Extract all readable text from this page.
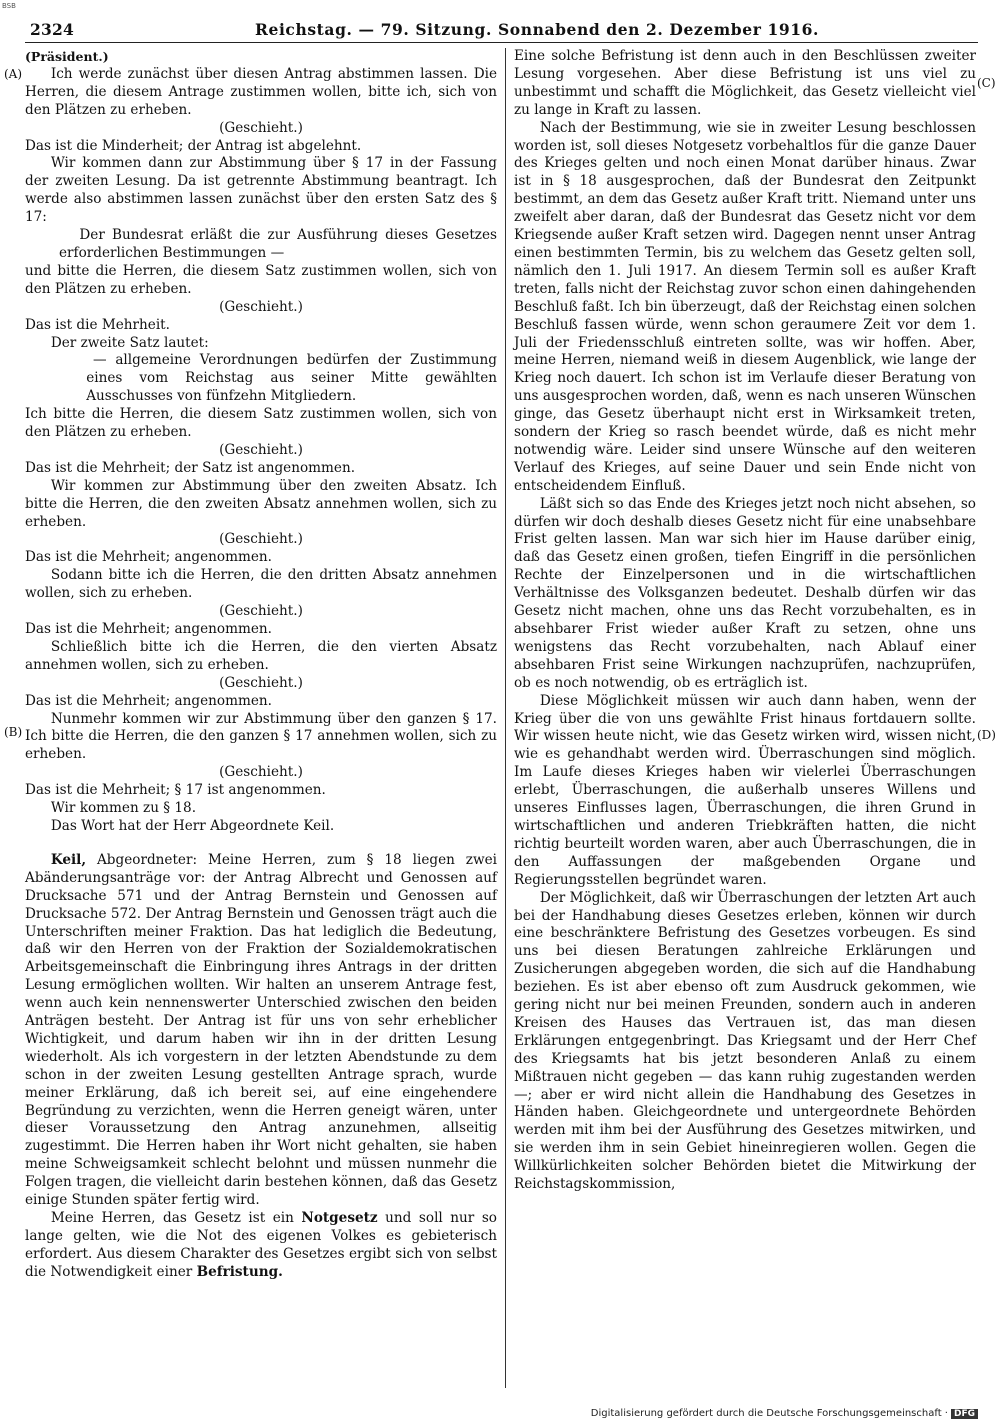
BSB
2324	Reichstag. — 79. Sitzung. Sonnabend den 2. Dezember 1916.
(A)
(B)
(C)
(D)

(Präsident.)

Ich werde zunächst über diesen Antrag abstimmen lassen. Die Herren, die diesem Antrage zustimmen wollen, bitte ich, sich von den Plätzen zu erheben.

(Geschieht.)

Das ist die Minderheit; der Antrag ist abgelehnt.

Wir kommen dann zur Abstimmung über § 17 in der Fassung der zweiten Lesung. Da ist getrennte Abstimmung beantragt. Ich werde also abstimmen lassen zunächst über den ersten Satz des § 17:

Der Bundesrat erläßt die zur Ausführung dieses Gesetzes erforderlichen Bestimmungen —

und bitte die Herren, die diesem Satz zustimmen wollen, sich von den Plätzen zu erheben.

(Geschieht.)

Das ist die Mehrheit.

Der zweite Satz lautet:

— allgemeine Verordnungen bedürfen der Zustimmung eines vom Reichstag aus seiner Mitte gewählten Ausschusses von fünfzehn Mitgliedern.

Ich bitte die Herren, die diesem Satz zustimmen wollen, sich von den Plätzen zu erheben.

(Geschieht.)

Das ist die Mehrheit; der Satz ist angenommen.

Wir kommen zur Abstimmung über den zweiten Absatz. Ich bitte die Herren, die den zweiten Absatz annehmen wollen, sich zu erheben.

(Geschieht.)

Das ist die Mehrheit; angenommen.

Sodann bitte ich die Herren, die den dritten Absatz annehmen wollen, sich zu erheben.

(Geschieht.)

Das ist die Mehrheit; angenommen.

Schließlich bitte ich die Herren, die den vierten Absatz annehmen wollen, sich zu erheben.

(Geschieht.)

Das ist die Mehrheit; angenommen.

Nunmehr kommen wir zur Abstimmung über den ganzen § 17. Ich bitte die Herren, die den ganzen § 17 annehmen wollen, sich zu erheben.

(Geschieht.)

Das ist die Mehrheit; § 17 ist angenommen.

Wir kommen zu § 18.

Das Wort hat der Herr Abgeordnete Keil.

Keil, Abgeordneter: Meine Herren, zum § 18 liegen zwei Abänderungsanträge vor: der Antrag Albrecht und Genossen auf Drucksache 571 und der Antrag Bernstein und Genossen auf Drucksache 572. Der Antrag Bernstein und Genossen trägt auch die Unterschriften meiner Fraktion. Das hat lediglich die Bedeutung, daß wir den Herren von der Fraktion der Sozialdemokratischen Arbeitsgemeinschaft die Einbringung ihres Antrags in der dritten Lesung ermöglichen wollten. Wir halten an unserem Antrage fest, wenn auch kein nennenswerter Unterschied zwischen den beiden Anträgen besteht. Der Antrag ist für uns von sehr erheblicher Wichtigkeit, und darum haben wir ihn in der dritten Lesung wiederholt. Als ich vorgestern in der letzten Abendstunde zu dem schon in der zweiten Lesung gestellten Antrage sprach, wurde meiner Erklärung, daß ich bereit sei, auf eine eingehendere Begründung zu verzichten, wenn die Herren geneigt wären, unter dieser Voraussetzung den Antrag anzunehmen, allseitig zugestimmt. Die Herren haben ihr Wort nicht gehalten, sie haben meine Schweigsamkeit schlecht belohnt und müssen nunmehr die Folgen tragen, die vielleicht darin bestehen können, daß das Gesetz einige Stunden später fertig wird.

Meine Herren, das Gesetz ist ein Notgesetz und soll nur so lange gelten, wie die Not des eigenen Volkes es gebieterisch erfordert. Aus diesem Charakter des Gesetzes ergibt sich von selbst die Notwendigkeit einer Befristung.

Eine solche Befristung ist denn auch in den Beschlüssen zweiter Lesung vorgesehen. Aber diese Befristung ist uns viel zu unbestimmt und schafft die Möglichkeit, das Gesetz vielleicht viel zu lange in Kraft zu lassen.

Nach der Bestimmung, wie sie in zweiter Lesung beschlossen worden ist, soll dieses Notgesetz vorbehaltlos für die ganze Dauer des Krieges gelten und noch einen Monat darüber hinaus. Zwar ist in § 18 ausgesprochen, daß der Bundesrat den Zeitpunkt bestimmt, an dem das Gesetz außer Kraft tritt. Niemand unter uns zweifelt aber daran, daß der Bundesrat das Gesetz nicht vor dem Kriegsende außer Kraft setzen wird. Dagegen nennt unser Antrag einen bestimmten Termin, bis zu welchem das Gesetz gelten soll, nämlich den 1. Juli 1917. An diesem Termin soll es außer Kraft treten, falls nicht der Reichstag zuvor schon einen dahingehenden Beschluß faßt. Ich bin überzeugt, daß der Reichstag einen solchen Beschluß fassen würde, wenn schon geraumere Zeit vor dem 1. Juli der Friedensschluß eintreten sollte, was wir hoffen. Aber, meine Herren, niemand weiß in diesem Augenblick, wie lange der Krieg noch dauert. Ich schon ist im Verlaufe dieser Beratung von uns ausgesprochen worden, daß, wenn es nach unseren Wünschen ginge, das Gesetz überhaupt nicht erst in Wirksamkeit treten, sondern der Krieg so rasch beendet würde, daß es nicht mehr notwendig wäre. Leider sind unsere Wünsche auf den weiteren Verlauf des Krieges, auf seine Dauer und sein Ende nicht von entscheidendem Einfluß.

Läßt sich so das Ende des Krieges jetzt noch nicht absehen, so dürfen wir doch deshalb dieses Gesetz nicht für eine unabsehbare Frist gelten lassen. Man war sich hier im Hause darüber einig, daß das Gesetz einen großen, tiefen Eingriff in die persönlichen Rechte der Einzelpersonen und in die wirtschaftlichen Verhältnisse des Volksganzen bedeutet. Deshalb dürfen wir das Gesetz nicht machen, ohne uns das Recht vorzubehalten, es in absehbarer Frist wieder außer Kraft zu setzen, ohne uns wenigstens das Recht vorzubehalten, nach Ablauf einer absehbaren Frist seine Wirkungen nachzuprüfen, nachzuprüfen, ob es noch notwendig, ob es erträglich ist.

Diese Möglichkeit müssen wir auch dann haben, wenn der Krieg über die von uns gewählte Frist hinaus fortdauern sollte. Wir wissen heute nicht, wie das Gesetz wirken wird, wissen nicht, wie es gehandhabt werden wird. Überraschungen sind möglich. Im Laufe dieses Krieges haben wir vielerlei Überraschungen erlebt, Überraschungen, die außerhalb unseres Willens und unseres Einflusses lagen, Überraschungen, die ihren Grund in wirtschaftlichen und anderen Triebkräften hatten, die nicht richtig beurteilt worden waren, aber auch Überraschungen, die in den Auffassungen der maßgebenden Organe und Regierungsstellen begründet waren.

Der Möglichkeit, daß wir Überraschungen der letzten Art auch bei der Handhabung dieses Gesetzes erleben, können wir durch eine beschränktere Befristung des Gesetzes vorbeugen. Es sind uns bei diesen Beratungen zahlreiche Erklärungen und Zusicherungen abgegeben worden, die sich auf die Handhabung beziehen. Es ist aber ebenso oft zum Ausdruck gekommen, wie gering nicht nur bei meinen Freunden, sondern auch in anderen Kreisen des Hauses das Vertrauen ist, das man diesen Erklärungen entgegenbringt. Das Kriegsamt und der Herr Chef des Kriegsamts hat bis jetzt besonderen Anlaß zu einem Mißtrauen nicht gegeben — das kann ruhig zugestanden werden —; aber er wird nicht allein die Handhabung des Gesetzes in Händen haben. Gleichgeordnete und untergeordnete Behörden werden mit ihm bei der Ausführung des Gesetzes mitwirken, und sie werden ihm in sein Gebiet hineinregieren wollen. Gegen die Willkürlichkeiten solcher Behörden bietet die Mitwirkung der Reichstagskommission,

Digitalisierung gefördert durch die Deutsche Forschungsgemeinschaft · DFG
